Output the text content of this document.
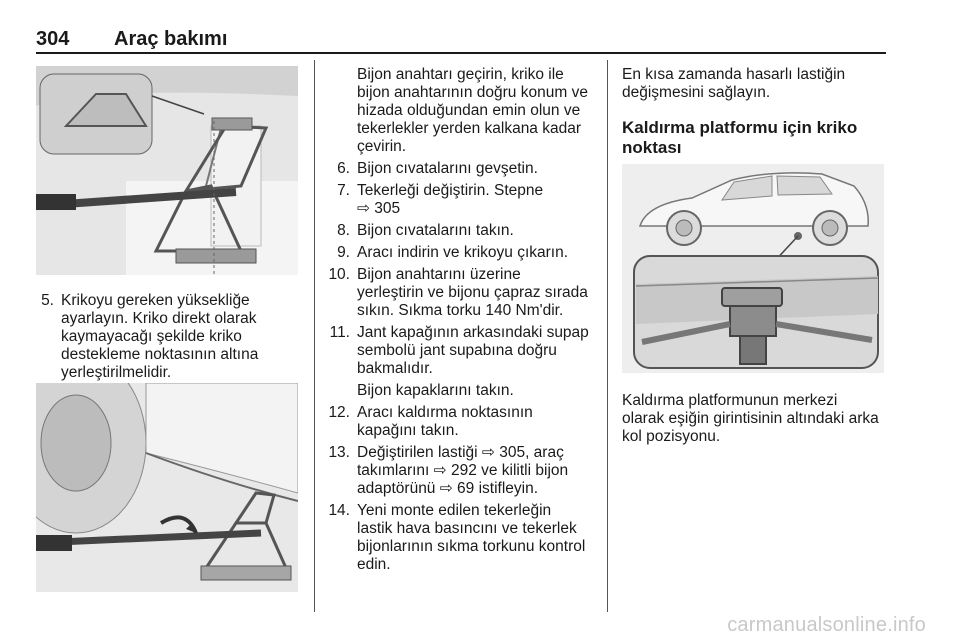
304 Araç bakımı
5. Krikoyu gereken yüksekliğe
ayarlayın. Kriko direkt olarak
kaymayacağı şekilde kriko
destekleme noktasının altına
yerleştirilmelidir.
Bijon anahtarı geçirin, kriko ile
bijon anahtarının doğru konum ve
hizada olduğundan emin olun ve
tekerlekler yerden kalkana kadar
çevirin.
6. Bijon cıvatalarını gevşetin.
7. Tekerleği değiştirin. Stepne
⇨ 305
8. Bijon cıvatalarını takın.
9. Aracı indirin ve krikoyu çıkarın.
10. Bijon anahtarını üzerine
yerleştirin ve bijonu çapraz sırada
sıkın. Sıkma torku 140 Nm'dir.
11. Jant kapağının arkasındaki supap
sembolü jant supabına doğru
bakmalıdır.
Bijon kapaklarını takın.
12. Aracı kaldırma noktasının
kapağını takın.
13. Değiştirilen lastiği ⇨ 305, araç
takımlarını ⇨ 292 ve kilitli bijon
adaptörünü ⇨ 69 istifleyin.
14. Yeni monte edilen tekerleğin
lastik hava basıncını ve tekerlek
bijonlarının sıkma torkunu kontrol
edin.
En kısa zamanda hasarlı lastiğin
değişmesini sağlayın.
Kaldırma platformu için kriko
noktası
Kaldırma platformunun merkezi
olarak eşiğin girintisinin altındaki arka
kol pozisyonu.
carmanualsonline.info
